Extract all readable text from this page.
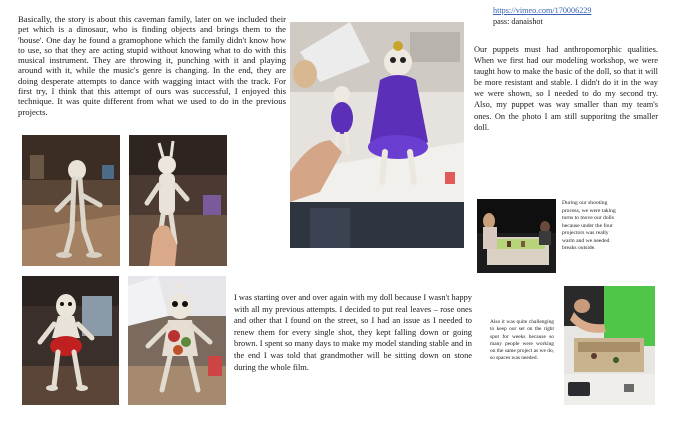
Basically, the story is about this caveman family, later on we included their pet which is a dinosaur, who is finding objects and brings them to the 'house'. One day he found a gramophone which the family didn't know how to use, so that they are acting stupid without knowing what to do with this musical instrument. They are throwing it, punching with it and playing around with it, while the music's genre is changing. In the end, they are doing desperate attempts to dance with wagging intact with the track. For first try, I think that this attempt of ours was successful, I enjoyed this technique. It was quite different from what we used to do in the previous projects.

https://vimeo.com/170006229
pass: danaishot

Our puppets must had anthropomorphic qualities. When we first had our modeling workshop, we were taught how to make the basic of the doll, so that it will be more resistant and stable. I didn't do it in the way we were shown, so I needed to do my second try. Also, my puppet was way smaller than my team's ones. On the photo I am still supporitng the smaller doll.

I was starting over and over again with my doll because I wasn't happy with all my previous attempts. I decided to put real leaves – rose ones and other that I found on the street, so I had an issue as I needed to renew them for every single shot, they kept falling down or going brown. I spent so many days to make my model standing stable and in the end I was told that grandmother will be sitting down on stone during the whole film.

During our shooting process, we were taking turns to move our dolls because under the four projectors was really warm and we needed breaks outside.

Also it was quite challenging to keep our set on the right spot for weeks because so many people were working on the same project as we do, so spaces was needed.
